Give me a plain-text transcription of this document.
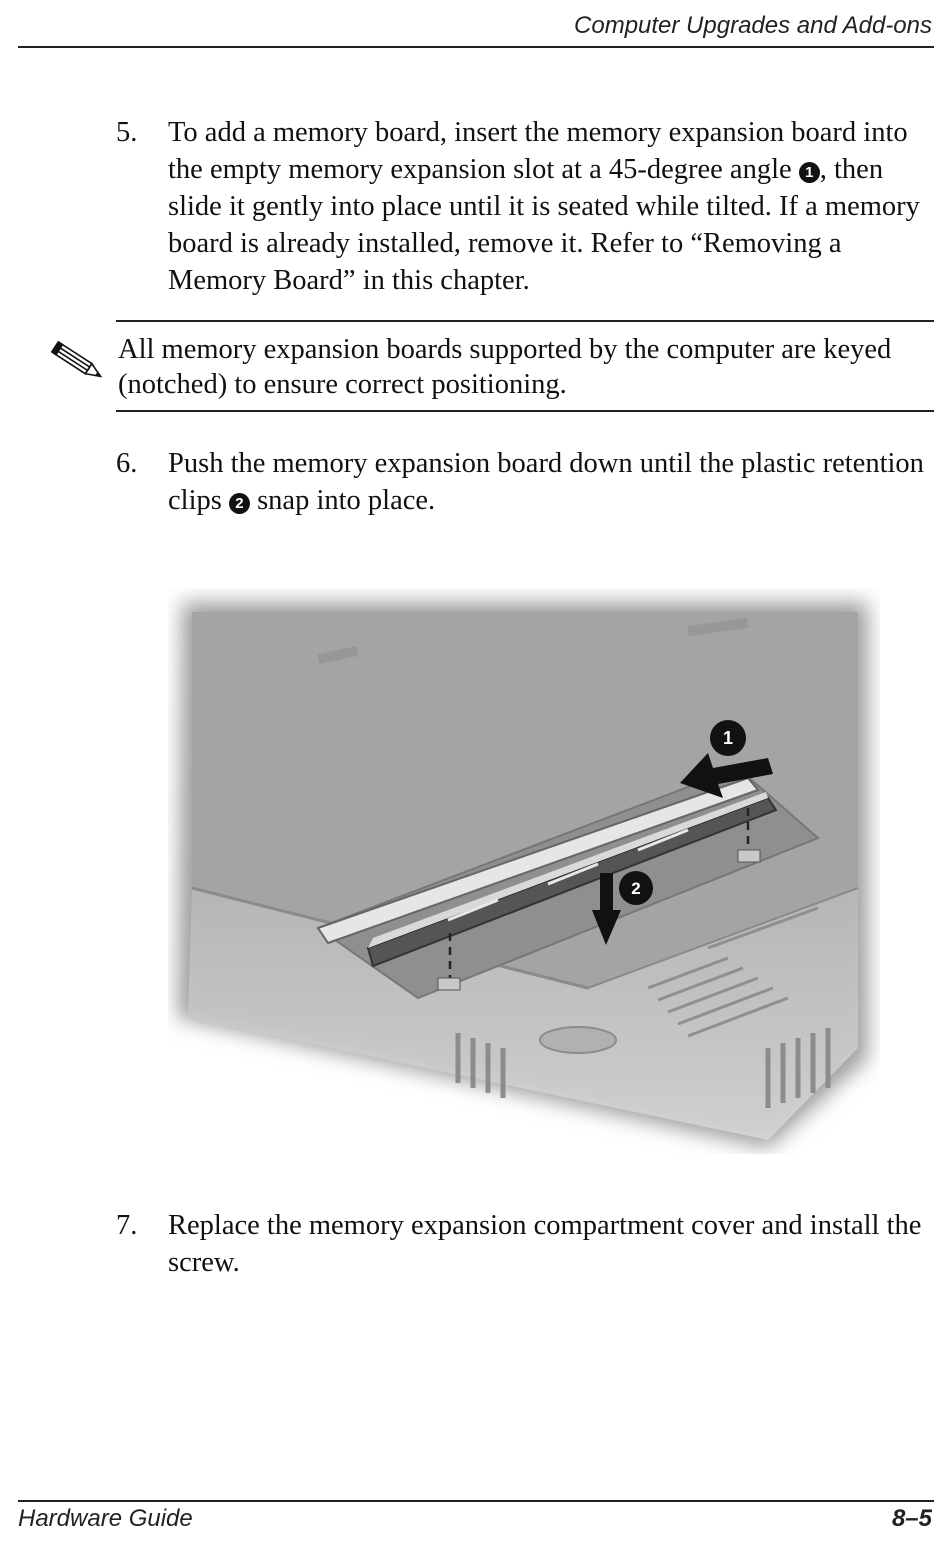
Computer Upgrades and Add-ons
5. To add a memory board, insert the memory expansion board into the empty memory expansion slot at a 45-degree angle 1 , then slide it gently into place until it is seated while tilted. If a memory board is already installed, remove it. Refer to “Removing a Memory Board” in this chapter.
All memory expansion boards supported by the computer are keyed (notched) to ensure correct positioning.
6. Push the memory expansion board down until the plastic retention clips 2 snap into place.
1
2
7. Replace the memory expansion compartment cover and install the screw.
Hardware Guide	8–5
